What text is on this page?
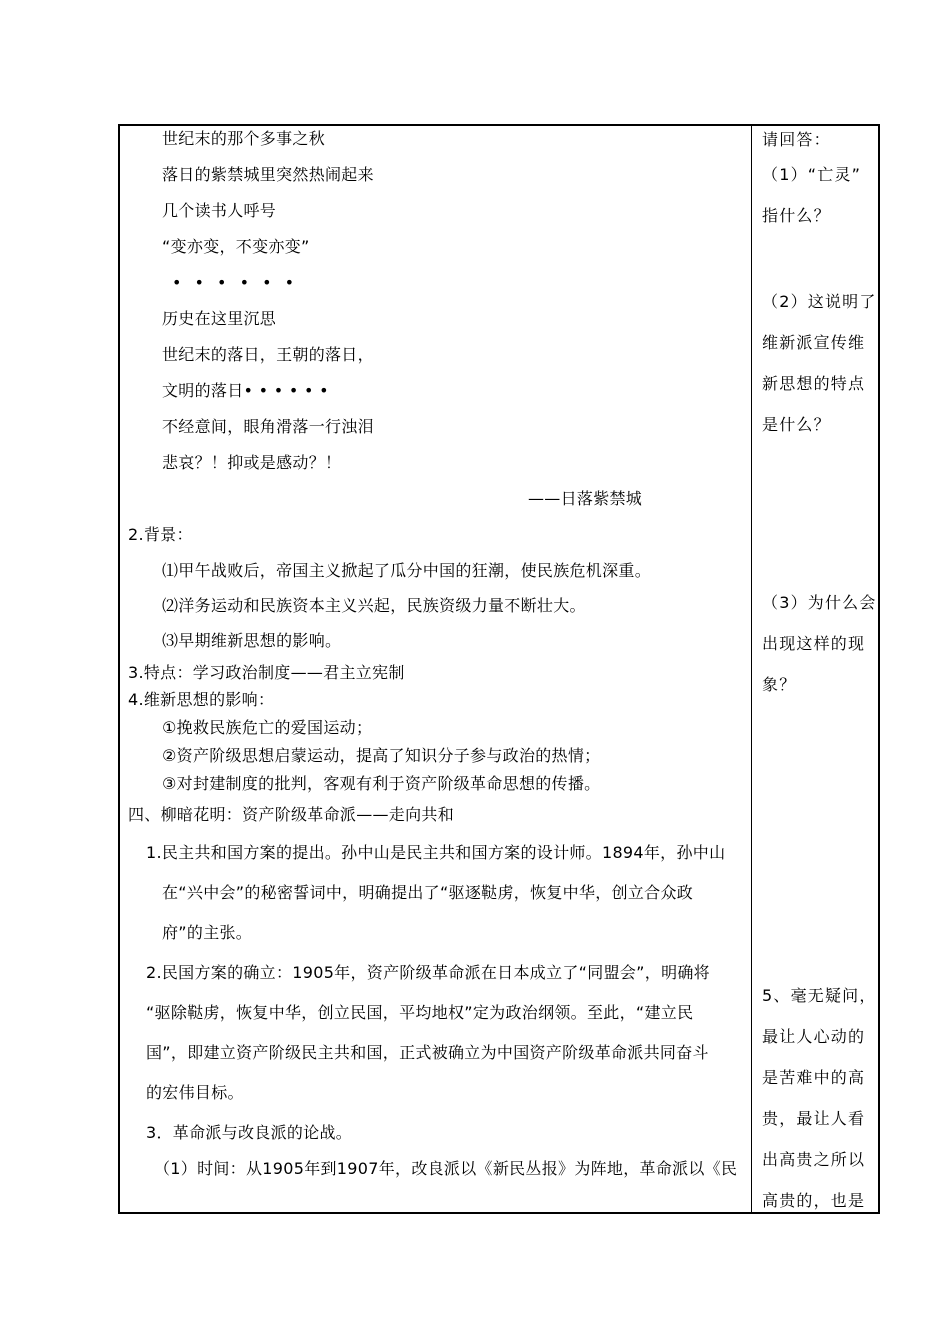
世纪末的那个多事之秋
落日的紫禁城里突然热闹起来
几个读书人呼号
“变亦变，不变亦变”
• • • • • •
历史在这里沉思
世纪末的落日，王朝的落日，
文明的落日• • • • • •
不经意间，眼角滑落一行浊泪
悲哀？！抑或是感动？！
——日落紫禁城
2.背景：
⑴甲午战败后，帝国主义掀起了瓜分中国的狂潮，使民族危机深重。
⑵洋务运动和民族资本主义兴起，民族资级力量不断壮大。
⑶早期维新思想的影响。
3.特点：学习政治制度——君主立宪制
4.维新思想的影响：
①挽救民族危亡的爱国运动；
②资产阶级思想启蒙运动，提高了知识分子参与政治的热情；
③对封建制度的批判，客观有利于资产阶级革命思想的传播。
四、柳暗花明：资产阶级革命派——走向共和
1.民主共和国方案的提出。孙中山是民主共和国方案的设计师。1894年，孙中山
在“兴中会”的秘密誓词中，明确提出了“驱逐鞑虏，恢复中华，创立合众政
府”的主张。
2.民国方案的确立：1905年，资产阶级革命派在日本成立了“同盟会”，明确将
“驱除鞑虏，恢复中华，创立民国，平均地权”定为政治纲领。至此，“建立民
国”，即建立资产阶级民主共和国，正式被确立为中国资产阶级革命派共同奋斗
的宏伟目标。
3．革命派与改良派的论战。
（1）时间：从1905年到1907年，改良派以《新民丛报》为阵地，革命派以《民
请回答：
（1）“亡灵”
指什么？
（2）这说明了
维新派宣传维
新思想的特点
是什么？
（3）为什么会
出现这样的现
象？
5、毫无疑问，
最让人心动的
是苦难中的高
贵，最让人看
出高贵之所以
高贵的，也是
